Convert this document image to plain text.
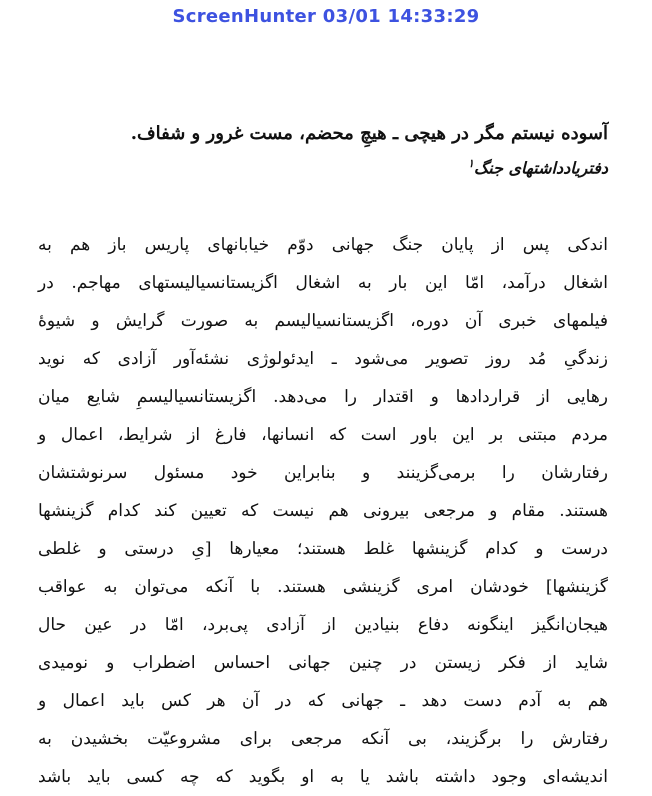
ScreenHunter 03/01 14:33:29

آسوده نیستم مگر در هیچی ـ هیچِ محضم، مست غرور و شفاف.

دفتریادداشتهای جنگ$^۱$

اندکی پس از پایان جنگ جهانی دوّم خیابانهای پاریس باز هم به
اشغال درآمد، امّا این بار به اشغال اگزیستانسیالیستهای مهاجم. در
فیلمهای خبری آن دوره، اگزیستانسیالیسم به صورت گرایش و شیوهٔ
زندگیِ مُد روز تصویر می‌شود ـ ایدئولوژی نشئه‌آور آزادی که نوید
رهایی از قراردادها و اقتدار را می‌دهد. اگزیستانسیالیسمِ شایع میان
مردم مبتنی بر این باور است که انسانها، فارغ از شرایط، اعمال و
رفتارشان را برمی‌گزینند و بنابراین خود مسئول سرنوشتشان
هستند. مقام و مرجعی بیرونی هم نیست که تعیین کند کدام گزینشها
درست و کدام گزینشها غلط هستند؛ معیارها [یِ درستی و غلطی
گزینشها] خودشان امری گزینشی هستند. با آنکه می‌توان به عواقب
هیجان‌انگیز اینگونه دفاع بنیادین از آزادی پی‌برد، امّا در عین حال
شاید از فکر زیستن در چنین جهانی احساس اضطراب و نومیدی
هم به آدم دست دهد ـ جهانی که در آن هر کس باید اعمال و
رفتارش را برگزیند، بی آنکه مرجعی برای مشروعیّت بخشیدن به
اندیشه‌ای وجود داشته باشد یا به او بگوید که چه کسی باید باشد
